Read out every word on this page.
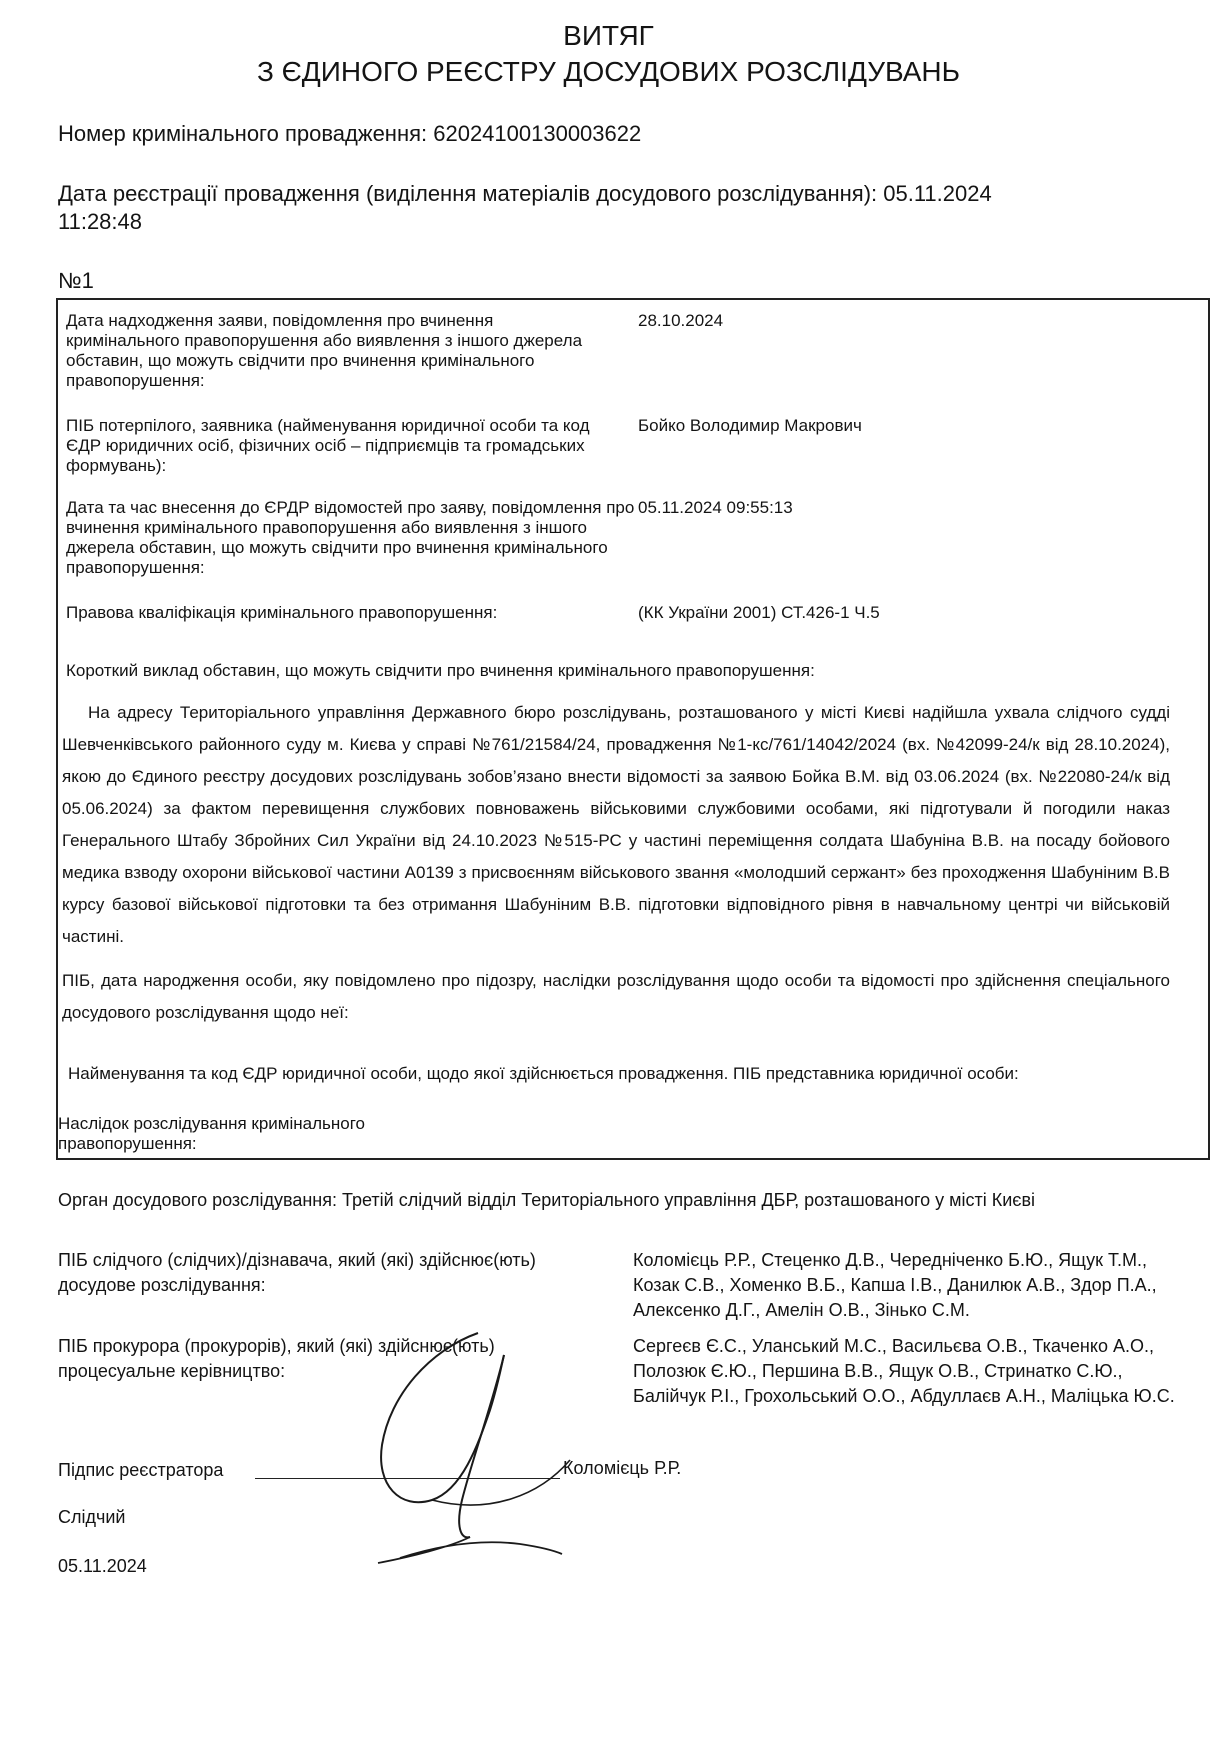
ВИТЯГ
З ЄДИНОГО РЕЄСТРУ ДОСУДОВИХ РОЗСЛІДУВАНЬ
Номер кримінального провадження: 62024100130003622
Дата реєстрації провадження (виділення матеріалів досудового розслідування): 05.11.2024
11:28:48
№1
Дата надходження заяви, повідомлення про вчинення кримінального правопорушення або виявлення з іншого джерела обставин, що можуть свідчити про вчинення кримінального правопорушення:
28.10.2024
ПІБ потерпілого, заявника (найменування юридичної особи та код ЄДР юридичних осіб, фізичних осіб – підприємців та громадських формувань):
Бойко Володимир Макрович
Дата та час внесення до ЄРДР відомостей про заяву, повідомлення про вчинення кримінального правопорушення або виявлення з іншого джерела обставин, що можуть свідчити про вчинення кримінального правопорушення:
05.11.2024 09:55:13
Правова кваліфікація кримінального правопорушення:	(КК України 2001) СТ.426-1 Ч.5
Короткий виклад обставин, що можуть свідчити про вчинення кримінального правопорушення:
На адресу Територіального управління Державного бюро розслідувань, розташованого у місті Києві надійшла ухвала слідчого судді Шевченківського районного суду м. Києва у справі №761/21584/24, провадження №1-кс/761/14042/2024 (вх. №42099-24/к від 28.10.2024), якою до Єдиного реєстру досудових розслідувань зобов’язано внести відомості за заявою Бойка В.М. від 03.06.2024 (вх. №22080-24/к від 05.06.2024) за фактом перевищення службових повноважень військовими службовими особами, які підготували й погодили наказ Генерального Штабу Збройних Сил України від 24.10.2023 №515-РС у частині переміщення солдата Шабуніна В.В. на посаду бойового медика взводу охорони військової частини А0139 з присвоєнням військового звання «молодший сержант» без проходження Шабуніним В.В курсу базової військової підготовки та без отримання Шабуніним В.В. підготовки відповідного рівня в навчальному центрі чи військовій частині.
ПІБ, дата народження особи, яку повідомлено про підозру, наслідки розслідування щодо особи та відомості про здійснення спеціального досудового розслідування щодо неї:
Найменування та код ЄДР юридичної особи, щодо якої здійснюється провадження. ПІБ представника юридичної особи:
Наслідок розслідування кримінального правопорушення:
Орган досудового розслідування: Третій слідчий відділ Територіального управління ДБР, розташованого у місті Києві
ПІБ слідчого (слідчих)/дізнавача, який (які) здійснює(ють) досудове розслідування:
Коломієць Р.Р., Стеценко Д.В., Чередніченко Б.Ю., Ящук Т.М., Козак С.В., Хоменко В.Б., Капша І.В., Данилюк А.В., Здор П.А., Алексенко Д.Г., Амелін О.В., Зінько С.М.
ПІБ прокурора (прокурорів), який (які) здійснює(ють) процесуальне керівництво:
Сергеєв Є.С., Уланський М.С., Васильєва О.В., Ткаченко А.О., Полозюк Є.Ю., Першина В.В., Ящук О.В., Стринатко С.Ю., Балійчук Р.І., Грохольський О.О., Абдуллаєв А.Н., Маліцька Ю.С.
Підпис реєстратора	Коломієць Р.Р.
Слідчий
05.11.2024
